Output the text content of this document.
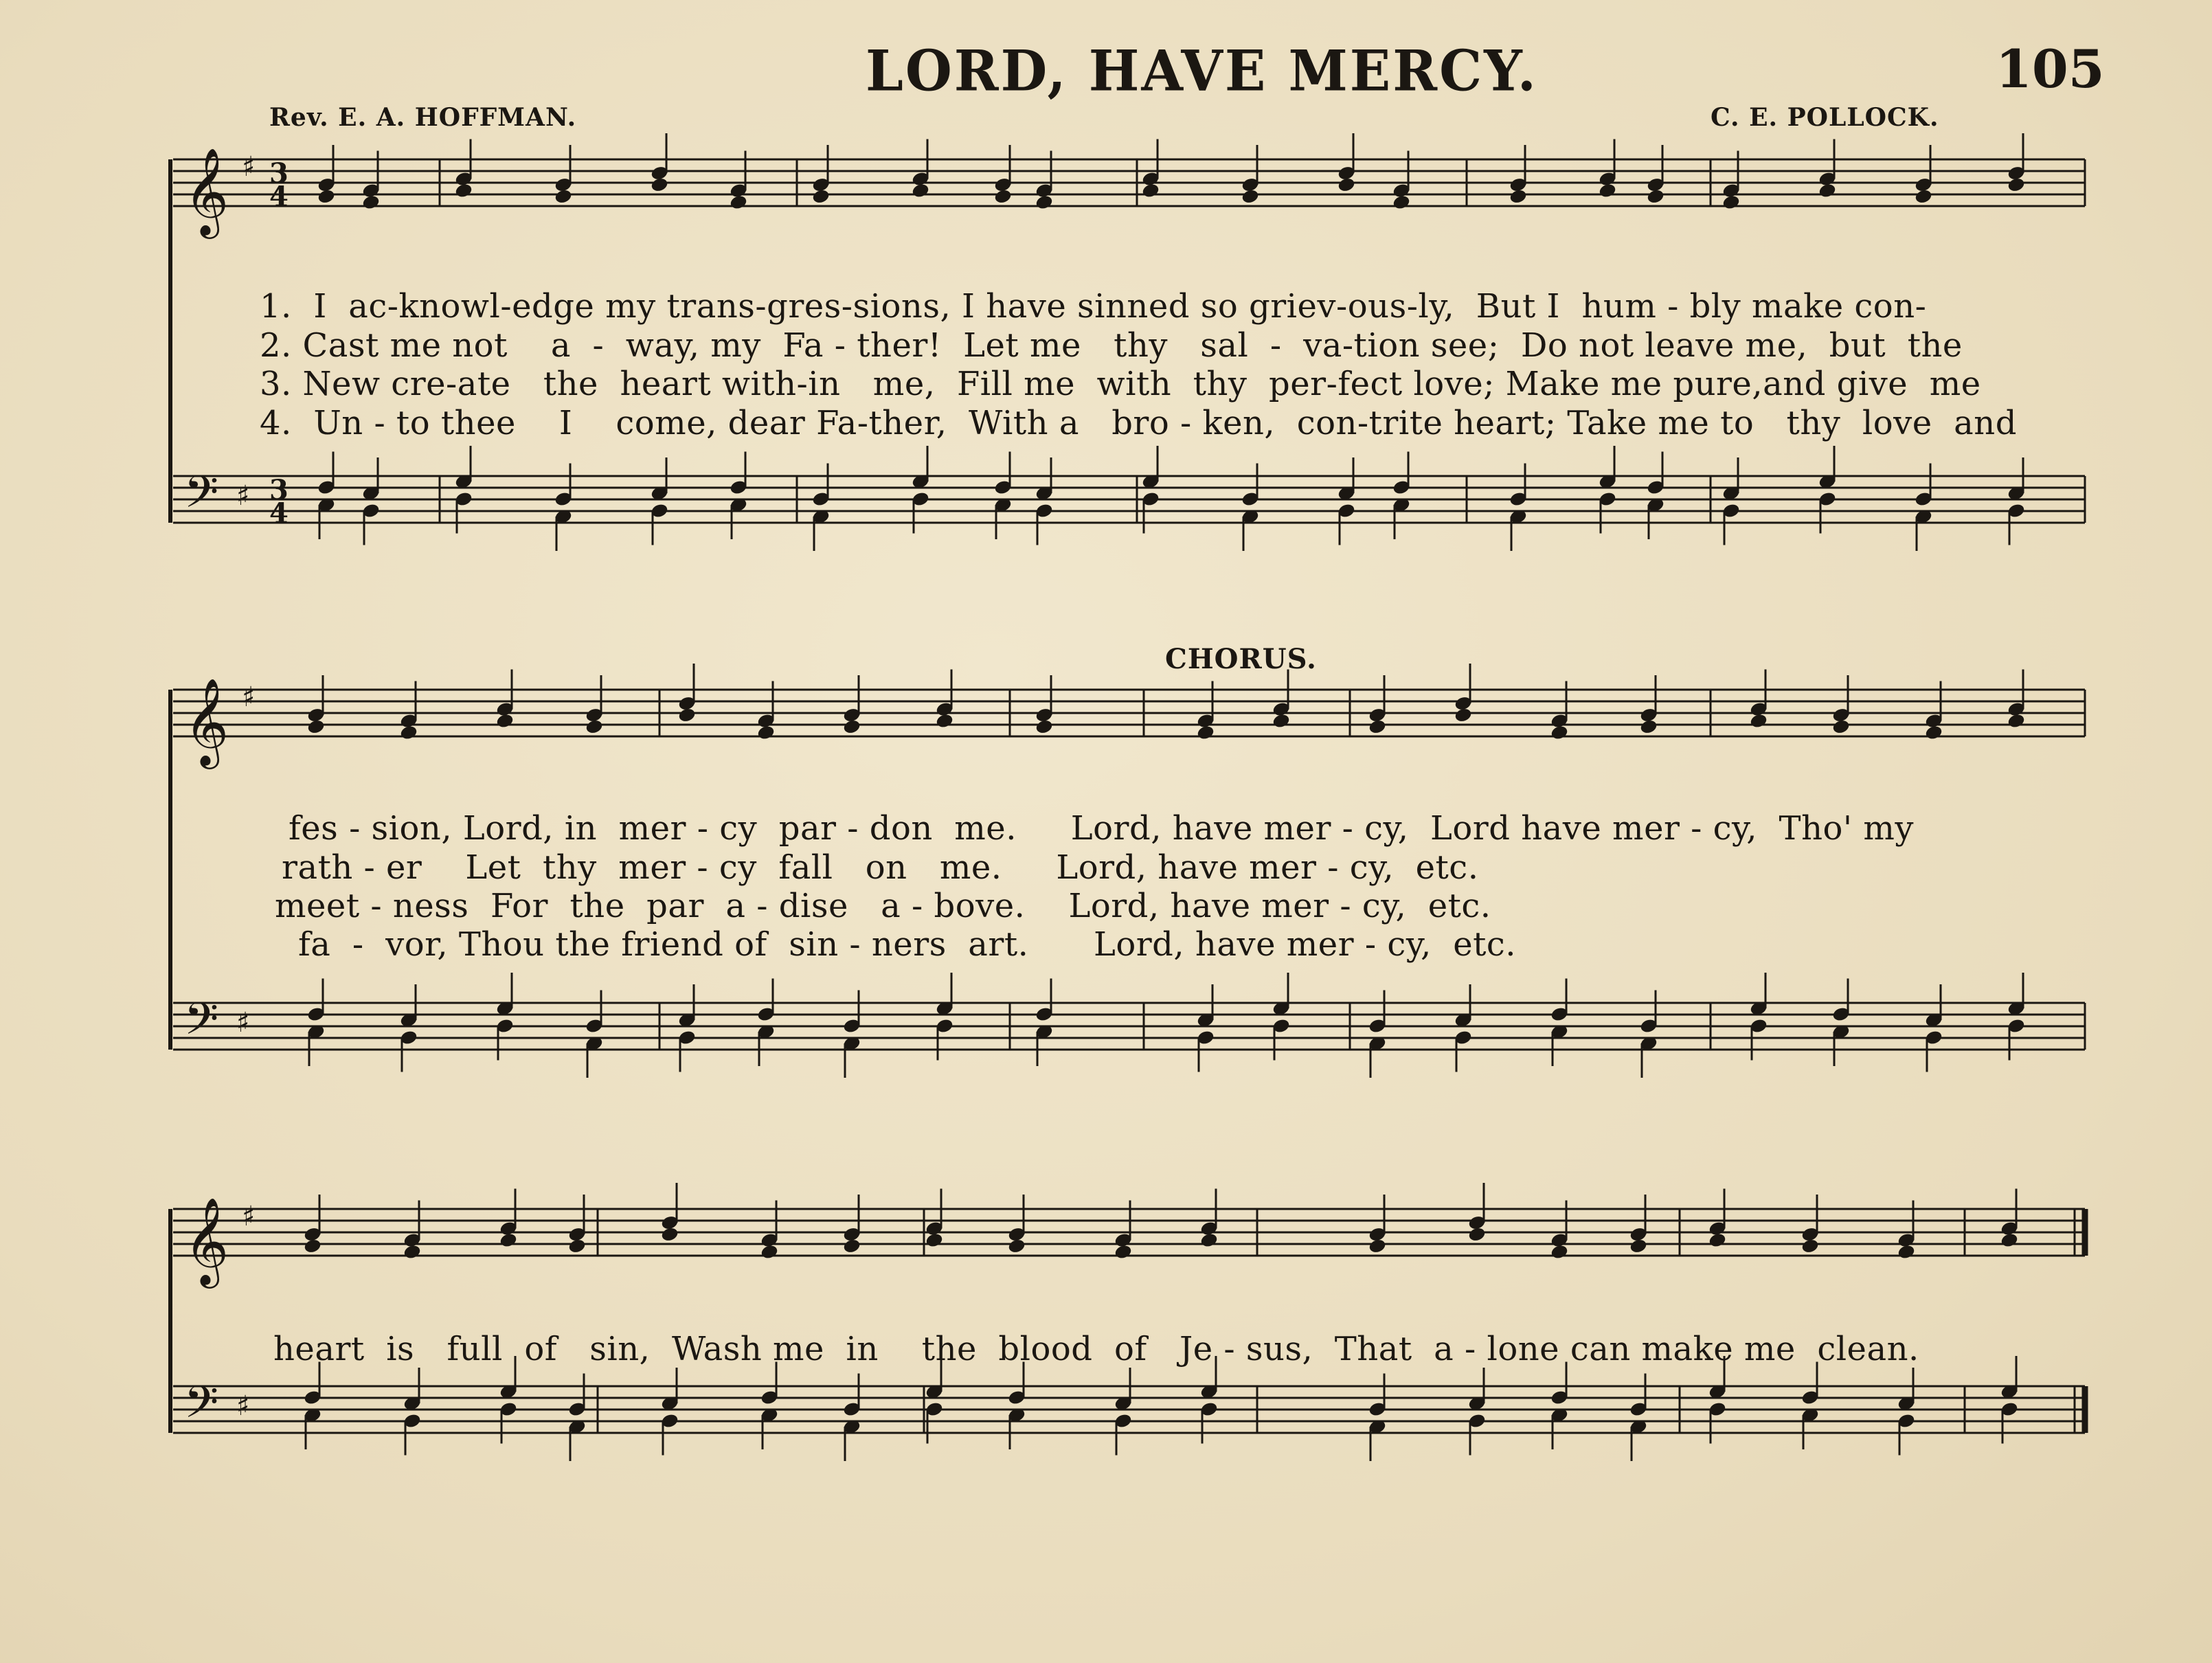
LORD, HAVE MERCY.	105
Rev. E. A. HOFFMAN.	C. E. POLLOCK.
CHORUS.
𝄞 ♯ 3
4
𝄢 ♯ 3
4
𝄞 ♯
𝄢 ♯
𝄞 ♯
𝄢 ♯
1.  I  ac-knowl-edge my trans-gres-sions, I have sinned so griev-ous-ly,  But I  hum - bly make con-
2. Cast me not    a  -  way, my  Fa - ther!  Let me   thy   sal  -  va-tion see;  Do not leave me,  but  the
3. New cre-ate   the  heart with-in   me,  Fill me  with  thy  per-fect love; Make me pure,and give  me
4.  Un - to thee    I    come, dear Fa-ther,  With a   bro - ken,  con-trite heart; Take me to   thy  love  and
fes - sion, Lord, in  mer - cy  par - don  me.     Lord, have mer - cy,  Lord have mer - cy,  Tho' my
rath - er    Let  thy  mer - cy  fall   on   me.     Lord, have mer - cy,  etc.
meet - ness  For  the  par  a - dise   a - bove.    Lord, have mer - cy,  etc.
fa  -  vor, Thou the friend of  sin - ners  art.      Lord, have mer - cy,  etc.
heart  is   full  of   sin,  Wash me  in    the  blood  of   Je - sus,  That  a - lone can make me  clean.
